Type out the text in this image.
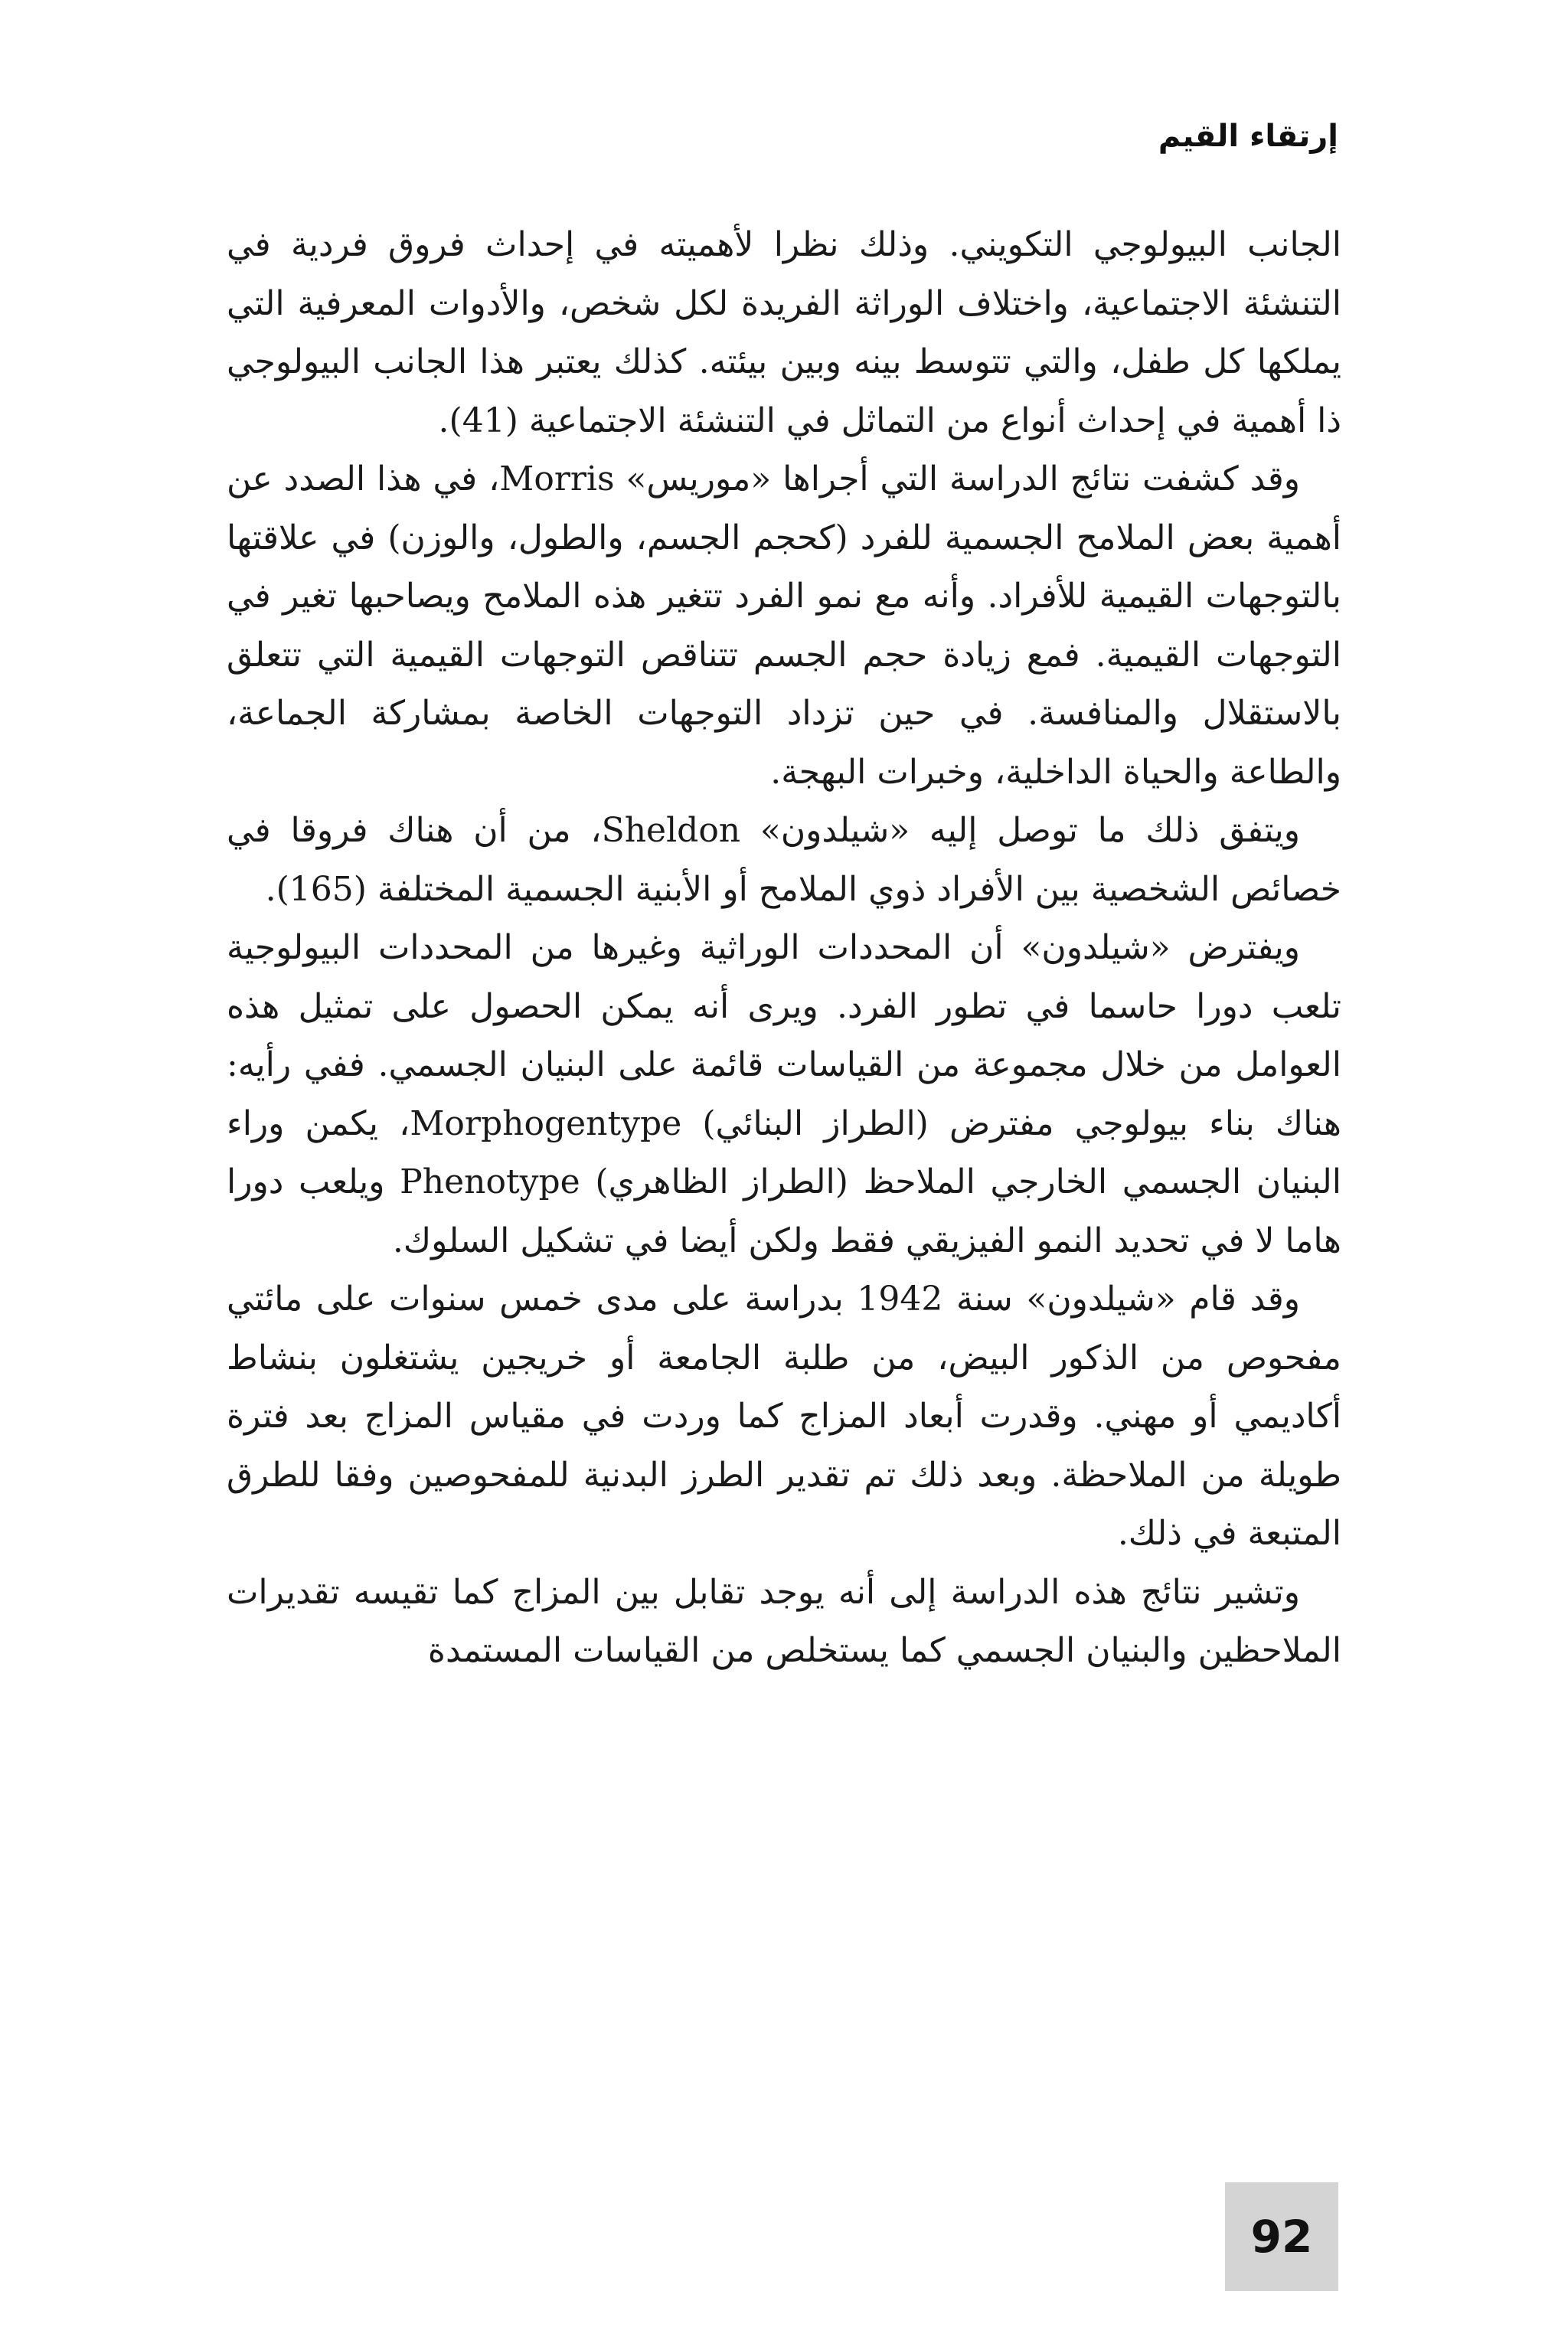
إرتقاء القيم

الجانب البيولوجي التكويني. وذلك نظرا لأهميته في إحداث فروق فردية في التنشئة الاجتماعية، واختلاف الوراثة الفريدة لكل شخص، والأدوات المعرفية التي يملكها كل طفل، والتي تتوسط بينه وبين بيئته. كذلك يعتبر هذا الجانب البيولوجي ذا أهمية في إحداث أنواع من التماثل في التنشئة الاجتماعية (41).

وقد كشفت نتائج الدراسة التي أجراها «موريس» Morris، في هذا الصدد عن أهمية بعض الملامح الجسمية للفرد (كحجم الجسم، والطول، والوزن) في علاقتها بالتوجهات القيمية للأفراد. وأنه مع نمو الفرد تتغير هذه الملامح ويصاحبها تغير في التوجهات القيمية. فمع زيادة حجم الجسم تتناقص التوجهات القيمية التي تتعلق بالاستقلال والمنافسة. في حين تزداد التوجهات الخاصة بمشاركة الجماعة، والطاعة والحياة الداخلية، وخبرات البهجة.

ويتفق ذلك ما توصل إليه «شيلدون» Sheldon، من أن هناك فروقا في خصائص الشخصية بين الأفراد ذوي الملامح أو الأبنية الجسمية المختلفة (165).

ويفترض «شيلدون» أن المحددات الوراثية وغيرها من المحددات البيولوجية تلعب دورا حاسما في تطور الفرد. ويرى أنه يمكن الحصول على تمثيل هذه العوامل من خلال مجموعة من القياسات قائمة على البنيان الجسمي. ففي رأيه: هناك بناء بيولوجي مفترض (الطراز البنائي) Morphogentype، يكمن وراء البنيان الجسمي الخارجي الملاحظ (الطراز الظاهري) Phenotype ويلعب دورا هاما لا في تحديد النمو الفيزيقي فقط ولكن أيضا في تشكيل السلوك.

وقد قام «شيلدون» سنة 1942 بدراسة على مدى خمس سنوات على مائتي مفحوص من الذكور البيض، من طلبة الجامعة أو خريجين يشتغلون بنشاط أكاديمي أو مهني. وقدرت أبعاد المزاج كما وردت في مقياس المزاج بعد فترة طويلة من الملاحظة. وبعد ذلك تم تقدير الطرز البدنية للمفحوصين وفقا للطرق المتبعة في ذلك.

وتشير نتائج هذه الدراسة إلى أنه يوجد تقابل بين المزاج كما تقيسه تقديرات الملاحظين والبنيان الجسمي كما يستخلص من القياسات المستمدة

92
